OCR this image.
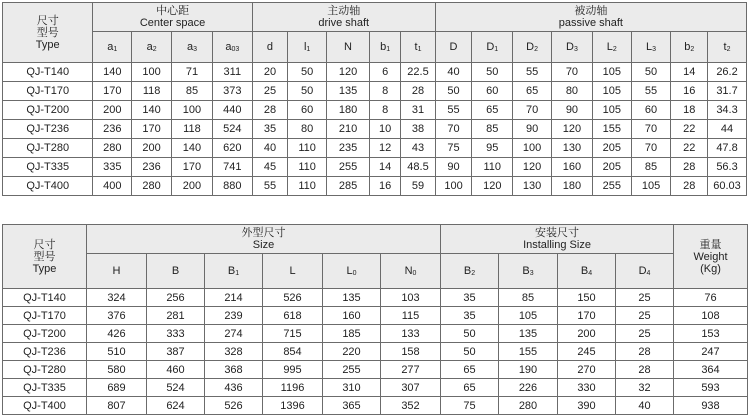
尺寸
型号
Type	中心距
Center space				主动轴
drive shaft					被动轴
passive shaft							

	$a_1$	$a_2$	$a_3$	$a_{03}$	d	$l_1$	N	$b_1$	$t_1$	D	$D_1$	$D_2$	$D_3$	$L_2$	$L_3$	$b_2$	$t_2$
QJ-T140	140	100	71	311	20	50	120	6	22.5	40	50	55	70	105	50	14	26.2
QJ-T170	170	118	85	373	25	50	135	8	28	50	60	65	80	105	55	16	31.7
QJ-T200	200	140	100	440	28	60	180	8	31	55	65	70	90	105	60	18	34.3
QJ-T236	236	170	118	524	35	80	210	10	38	70	85	90	120	155	70	22	44
QJ-T280	280	200	140	620	40	110	235	12	43	75	95	100	130	205	70	22	47.8
QJ-T335	335	236	170	741	45	110	255	14	48.5	90	110	120	160	205	85	28	56.3
QJ-T400	400	280	200	880	55	110	285	16	59	100	120	130	180	255	105	28	60.03
尺寸
型号
Type	外型尺寸
Size						安装尺寸
Installing Size				重量
Weight
(Kg)

	H	B	$B_1$	L	$L_0$	$N_0$	$B_2$	$B_3$	$B_4$	$D_4$
QJ-T140	324	256	214	526	135	103	35	85	150	25	76
QJ-T170	376	281	239	618	160	115	35	105	170	25	108
QJ-T200	426	333	274	715	185	133	50	135	200	25	153
QJ-T236	510	387	328	854	220	158	50	155	245	28	247
QJ-T280	580	460	368	995	255	277	65	190	270	28	364
QJ-T335	689	524	436	1196	310	307	65	226	330	32	593
QJ-T400	807	624	526	1396	365	352	75	280	390	40	938
